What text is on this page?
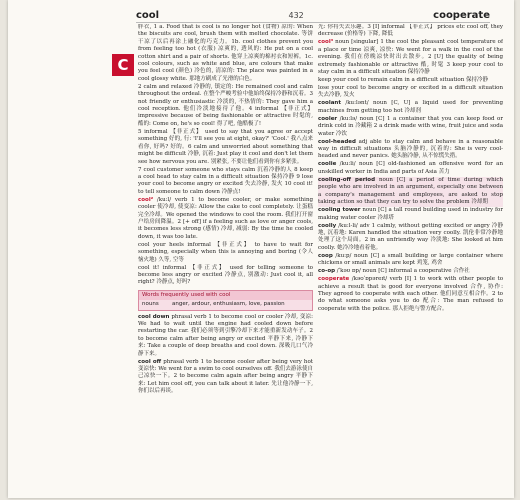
cool	432	cooperate
C

胖衣, 1 a. Food that is cool is no longer hot (食物) 凉的: When the biscuits are cool, brush them with melted chocolate. 等饼干凉了以后再涂上融化的巧克力。1b. cool clothes prevent you from feeling too hot (衣服) 凉爽的, 透风的: He put on a cool cotton shirt and a pair of shorts. 他穿上凉爽的棉衬衣和短裤。1c. cool colours, such as white and blue, are colours that make you feel cool (颜色) 冷色的, 清凉的: The place was painted in a cool glossy white. 那地方刷成了光滑的白色。

2 calm and relaxed 冷静的, 镇定的: He remained cool and calm throughout the ordeal. 在整个严峻考验中他始终保持冷静和沉着。3 not friendly or enthusiastic 冷淡的, 不热情的: They gave him a cool reception. 他们冷淡地接待了他。4 informal 【非正式】 impressive because of being fashionable or attractive 时髦的, 酷的: Come on, he's so cool! 得了吧, 他酷极了!

5 informal 【非正式】 used to say that you agree or accept something 好的, 行: 'I'll see you at eight, okay?' 'Cool.' 我八点来看你, 好吗? 好的。6 calm and unworried about something that might be difficult 冷静, 沉着: Just play it cool and don't let them see how nervous you are. 别紧张, 不要让他们看到你有多紧张。

7 cool customer someone who stays calm 沉着冷静的人 8 keep a cool head to stay calm in a difficult situation 保持冷静 9 lose your cool to become angry or excited 失去冷静, 发火 10 cool it! to tell someone to calm down 冷静点!

cool² /ku:l/ verb 1 to become cooler, or make something cooler 使冷却, 使变凉: Allow the cake to cool completely. 让蛋糕完全冷却。We opened the windows to cool the room. 我们打开窗户给房间降温。2 [+ off] if a feeling such as love or anger cools, it becomes less strong (感情) 冷却, 减弱: By the time he cooled down, it was too late.

cool your heels informal 【非正式】 to have to wait for something, especially when this is annoying and boring (令人恼火地) 久等, 空等

cool it! informal 【非正式】 used for telling someone to become less angry or excited 冷静点, 别激动: Just cool it, all right? 冷静点, 好吗?

Words frequently used with cool
nouns	anger, ardour, enthusiasm, love, passion

cool down phrasal verb 1 to become cool or cooler 冷却, 变凉: We had to wait until the engine had cooled down before restarting the car. 我们必须等到引擎冷却下来才能重新发动车子。2 to become calm after being angry or excited 平静下来, 冷静下来: Take a couple of deep breaths and cool down. 深吸几口气冷静下来。

cool off phrasal verb 1 to become cooler after being very hot 变凉快: We went for a swim to cool ourselves off. 我们去游泳使自己凉快一下。2 to become calm again after being angry 平静下来: Let him cool off, you can talk about it later. 先让他冷静一下, 你们以后再谈。

光: 你将失去乐趣。3 [I] informal 【非正式】 prices etc cool off, they decrease (价格等) 下降, 降低

cool³ noun [singular] 1 the cool the pleasant cool temperature of a place or time 凉爽, 凉快: We went for a walk in the cool of the evening. 我们在傍晚凉快时出去散步。2 [U] the quality of being extremely fashionable or attractive 酷, 时髦 3 keep your cool to stay calm in a difficult situation 保持冷静

keep your cool to remain calm in a difficult situation 保持冷静

lose your cool to become angry or excited in a difficult situation 失去冷静, 发火

coolant /ku:lənt/ noun [C, U] a liquid used for preventing machines from getting too hot 冷却剂

cooler /ku:lə/ noun [C] 1 a container that you can keep food or drink cold in 冷藏箱 2 a drink made with wine, fruit juice and soda water 冷饮

cool-headed adj able to stay calm and behave in a reasonable way in difficult situations 头脑冷静的, 沉着的: She is very cool-headed and never panics. 她头脑冷静, 从不惊慌失措。

coolie /ku:li/ noun [C] old-fashioned an offensive word for an unskilled worker in India and parts of Asia 苦力

cooling-off period noun [C] a period of time during which people who are involved in an argument, especially one between a company's management and employees, are asked to stop taking action so that they can try to solve the problem 冷却期

cooling tower noun [C] a tall round building used in industry for making water cooler 冷却塔

coolly /ku:l-li/ adv 1 calmly, without getting excited or angry 冷静地, 沉着地: Karen handled the situation very coolly. 凯伦非常冷静地处理了这个局面。2 in an unfriendly way 冷淡地: She looked at him coolly. 她冷冷地看着他。

coop /ku:p/ noun [C] a small building or large container where chickens or small animals are kept 鸡笼, 鸡舍

co-op /ˈkəʊ ɒp/ noun [C] informal a cooperative 合作社

cooperate /kəʊˈɒpəreɪt/ verb [I] 1 to work with other people to achieve a result that is good for everyone involved 合作, 协作: They agreed to cooperate with each other. 他们同意互相合作。2 to do what someone asks you to do 配合: The man refused to cooperate with the police. 那人拒绝与警方配合。
